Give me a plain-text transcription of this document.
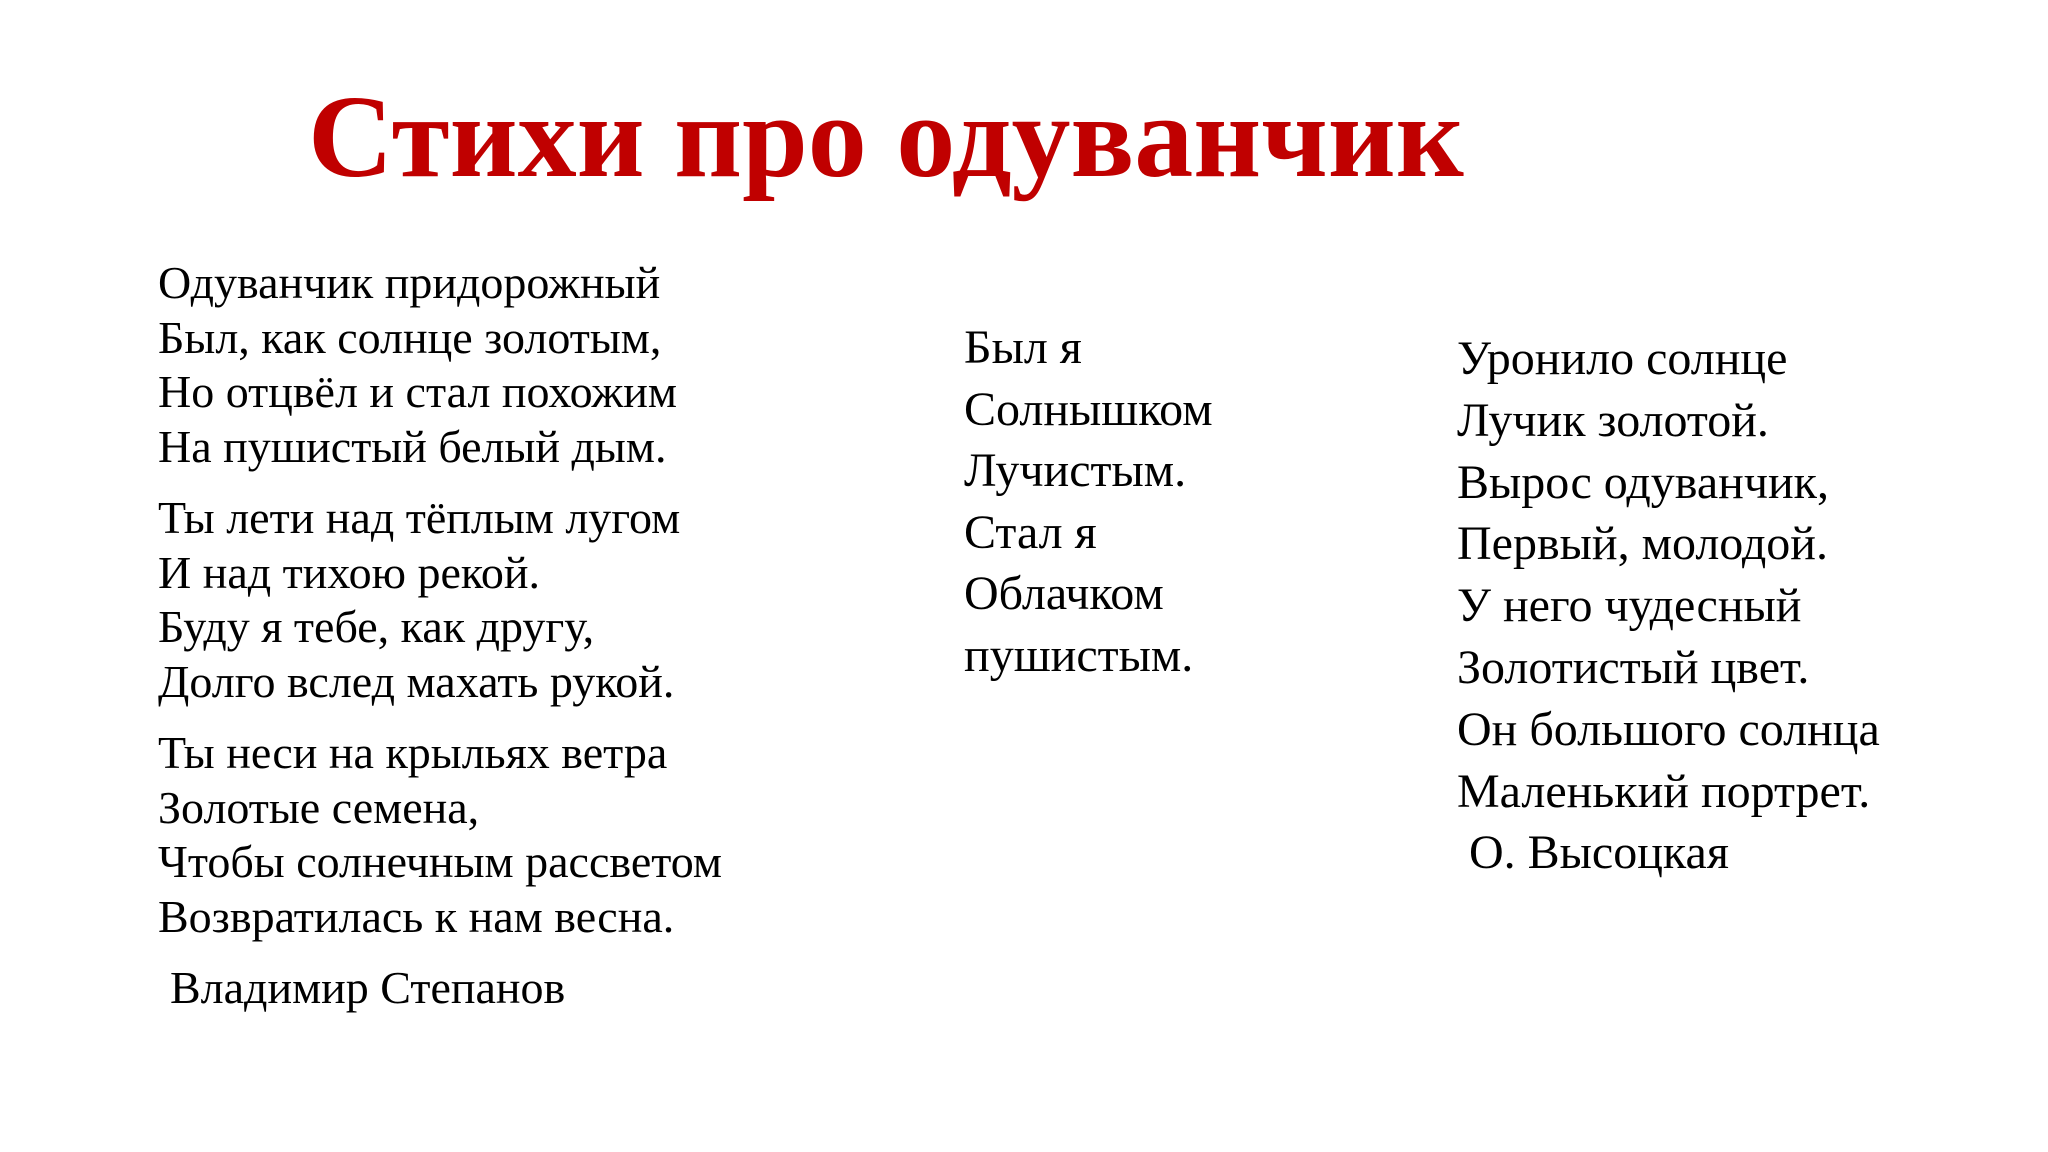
Стихи про одуванчик
Одуванчик придорожный
Был, как солнце золотым,
Но отцвёл и стал похожим
На пушистый белый дым.
Ты лети над тёплым лугом
И над тихою рекой.
Буду я тебе, как другу,
Долго вслед махать рукой.
Ты неси на крыльях ветра
Золотые семена,
Чтобы солнечным рассветом
Возвратилась к нам весна.
Владимир Степанов
Был я
Солнышком
Лучистым.
Стал я
Облачком
пушистым.
Уронило солнце
Лучик золотой.
Вырос одуванчик,
Первый, молодой.
У него чудесный
Золотистый цвет.
Он большого солнца
Маленький портрет.
О. Высоцкая
